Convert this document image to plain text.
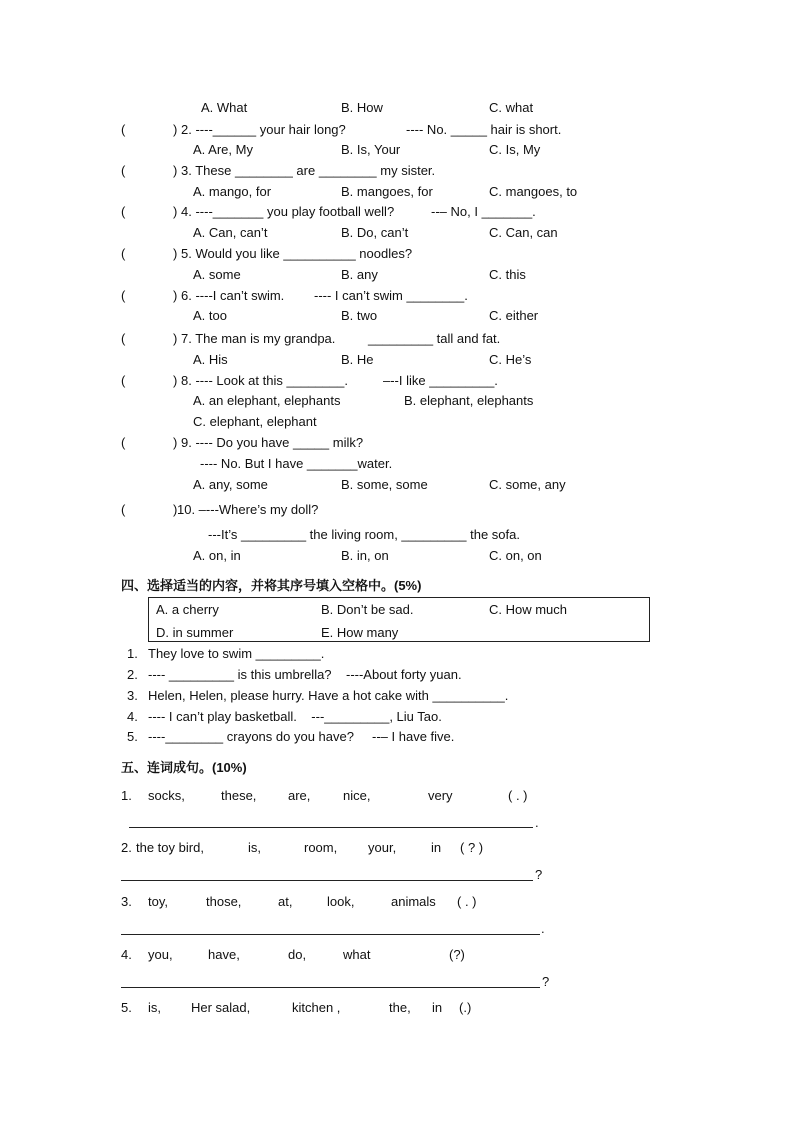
A. What	B. How	C. what
(	) 2. ----______ your hair long?	---- No. _____ hair is short.
A. Are, My	B. Is, Your	C. Is, My
(	) 3. These ________ are ________ my sister.
A. mango, for	B. mangoes, for	C. mangoes, to
(	) 4. ----_______ you play football well?	--– No, I _______.
A. Can, can’t	B. Do, can’t	C. Can, can
(	) 5. Would you like __________ noodles?
A. some	B. any	C. this
(	) 6. ----I can’t swim. ---- I can’t swim ________.
A. too	B. two	C. either
(	) 7. The man is my grandpa.	_________ tall and fat.
A. His	B. He	C. He’s
(	) 8. ---- Look at this ________.	–--I like _________.
A. an elephant, elephants	B. elephant, elephants
C. elephant, elephant
(	) 9. ---- Do you have _____ milk?
---- No. But I have _______water.
A. any, some	B. some, some	C. some, any
(	) 10. –---Where’s my doll?
---It’s _________ the living room, _________ the sofa.
A. on, in	B. in, on	C. on, on
四、选择适当的内容，并将其序号填入空格中。(5%)
A. a cherry	B. Don’t be sad.	C. How much
D. in summer	E. How many
1. They love to swim _________.
2. ---- _________ is this umbrella?    ----About forty yuan.
3. Helen, Helen, please hurry. Have a hot cake with __________.
4. ---- I can’t play basketball.    ---_________, Liu Tao.
5. ----________ crayons do you have?     --– I have five.
五、连词成句。(10%)
1. socks,	these, are,	nice,	very	( . )
.
2. the toy bird,	is,	room, your,	in ( ? )
?
3. toy,	those,	at,	look,	animals ( . )
.
4. you,	have,	do,	what	(?)
?
5. is, Her salad,	kitchen ,	the, in (.)
